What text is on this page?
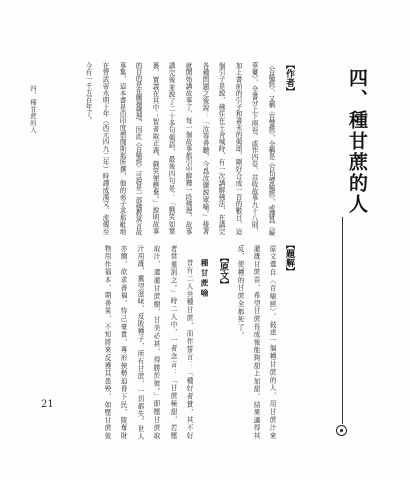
四、種甘蔗的人
【作者】
〈百喻經〉，又稱〈百譬經〉，全稱是〈百句譬喻經〉，或譯爲〈癡
華鬘〉，全書分上下兩卷，或作四卷，共收故事九十八則，
加上書前的引子和書末的偈頌，剛好合成一百的數目，這
個引子是說，佛住在王舍城時，有一次講解佛法，在講完
各種問題之後說：「汝等善聽，今爲汝廣說眾喻。」接著
就開始講故事了，每一個故事都引申解釋一段佛理，故事
講完後並說了二十多句偈語，最後四句是：「戲笑如葉
裹，實義在其中；智者取正義，戲笑便應棄。」說明故事
的目的是在闡揚佛理，因此〈百喻經〉可說是一部佛教寓言故
事集，這本書是由印度僧伽斯那所撰，他的弟子求那毗地
在齊武帝永明十年（西元四九二年）時譯成漢文，流傳至
今有一千五百年了。
【題解】
原文選自〈百喻經〉，敍述一個種甘蔗的人，用甘蔗汁來
灌溉甘蔗苗，希望甘蔗長成後能夠甜上加甜，結果適得其
反，使種的甘蔗全都死了。
【原文】
種甘蔗喻
昔有二人共種甘蔗，而作誓言：「種好者賞，其不好
者當重罰之。」時二人中，一者念言：「甘蔗極甜，若壓
取汁，還灌甘蔗樹，甘美必甚，得勝於彼。」即壓甘蔗取
汁用溉，冀望滋味，反敗種子，所有甘蔗，一切都失。世人
亦爾，欲求善福，恃己豪貴，專形挾勢迫脅下民，陵奪財
物用作福本，期善果，不知將來反獲其患殃，如壓甘蔗彼
四、種甘蔗的人
21
